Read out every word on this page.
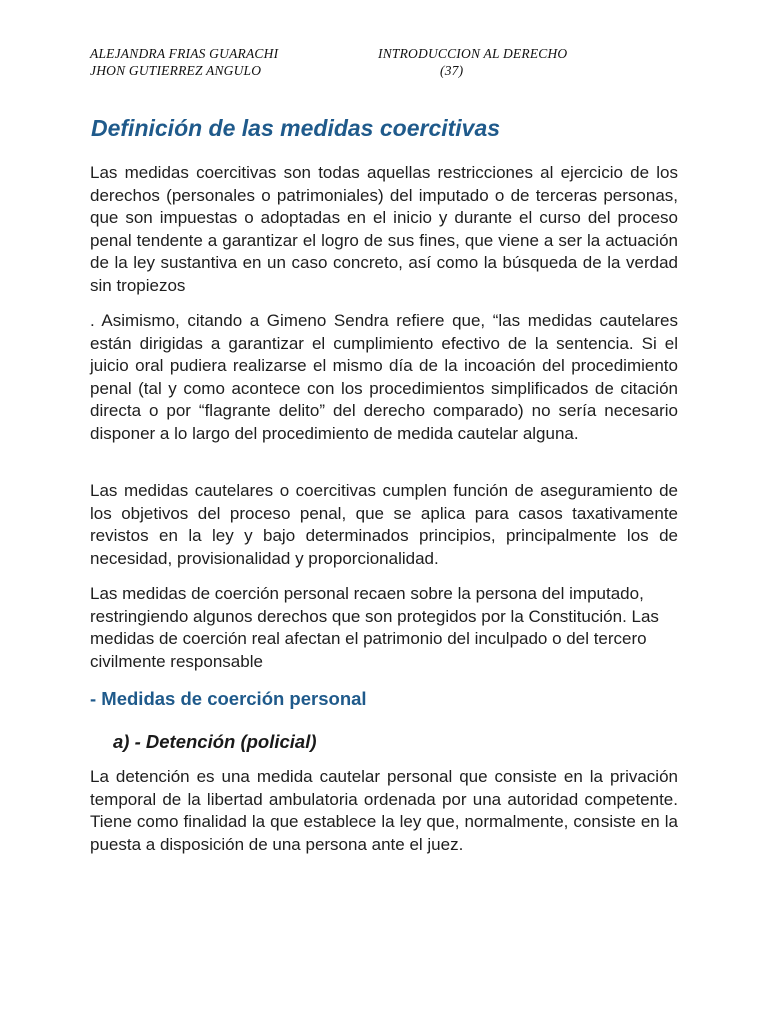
ALEJANDRA FRIAS GUARACHI
JHON GUTIERREZ ANGULO
INTRODUCCION AL DERECHO
(37)
Definición de las medidas coercitivas

Las medidas coercitivas son todas aquellas restricciones al ejercicio de los derechos (personales o patrimoniales) del imputado o de terceras personas, que son impuestas o adoptadas en el inicio y durante el curso del proceso penal tendente a garantizar el logro de sus fines, que viene a ser la actuación de la ley sustantiva en un caso concreto, así como la búsqueda de la verdad sin tropiezos

. Asimismo, citando a Gimeno Sendra refiere que, “las medidas cautelares están dirigidas a garantizar el cumplimiento efectivo de la sentencia. Si el juicio oral pudiera realizarse el mismo día de la incoación del procedimiento penal (tal y como acontece con los procedimientos simplificados de citación directa o por “flagrante delito” del derecho comparado) no sería necesario disponer a lo largo del procedimiento de medida cautelar alguna.

Las medidas cautelares o coercitivas cumplen función de aseguramiento de los objetivos del proceso penal, que se aplica para casos taxativamente revistos en la ley y bajo determinados principios, principalmente los de necesidad, provisionalidad y proporcionalidad.

Las medidas de coerción personal recaen sobre la persona del imputado, restringiendo algunos derechos que son protegidos por la Constitución. Las medidas de coerción real afectan el patrimonio del inculpado o del tercero civilmente responsable

- Medidas de coerción personal
a) - Detención (policial)

La detención es una medida cautelar personal que consiste en la privación temporal de la libertad ambulatoria ordenada por una autoridad competente. Tiene como finalidad la que establece la ley que, normalmente, consiste en la puesta a disposición de una persona ante el juez.
